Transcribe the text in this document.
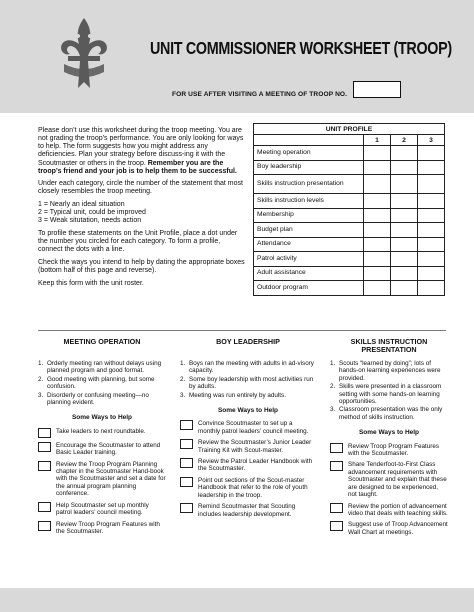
UNIT COMMISSIONER WORKSHEET (TROOP)
FOR USE AFTER VISITING A MEETING OF TROOP NO.

Please don’t use this worksheet during the troop meeting. You are not grading the troop’s performance. You are only looking for ways to help. The form suggests how you might address any deficiencies. Plan your strategy before discuss-ing it with the Scoutmaster or others in the troop. Remember you are the troop’s friend and your job is to help them to be successful.

Under each category, circle the number of the statement that most closely resembles the troop meeting.

1 = Nearly an ideal situation
2 = Typical unit, could be improved
3 = Weak situtation, needs action

To profile these statements on the Unit Profile, place a dot under the number you circled for each category. To form a profile, connect the dots with a line.

Check the ways you intend to help by dating the appropriate boxes (bottom half of this page and reverse).

Keep this form with the unit roster.

UNIT PROFILE			
	1	2	3
Meeting operation			
Boy leadership			
Skills instruction presentation			
Skills instruction levels			
Membership			
Budget plan			
Attendance			
Patrol activity			
Adult assistance			
Outdoor program			
MEETING OPERATION
1. Orderly meeting ran without delays using planned program and good format.
2. Good meeting with planning, but some confusion.
3. Disorderly or confusing meeting—no planning evident.
Some Ways to Help
Take leaders to next roundtable.
Encourage the Scoutmaster to attend Basic Leader training.
Review the Troop Program Planning chapter in the Scoutmaster Hand-book with the Scoutmaster and set a date for the annual program planning conference.
Help Scoutmaster set up monthly patrol leaders’ council meeting.
Review Troop Program Features with the Scoutmaster.
BOY LEADERSHIP
1. Boys ran the meeting with adults in ad-visory capacity.
2. Some boy leadership with most activities run by adults.
3. Meeting was run entirely by adults.
Some Ways to Help
Convince Scoutmaster to set up a monthly patrol leaders’ council meeting.
Review the Scoutmaster’s Junior Leader Training Kit with Scout-master.
Review the Patrol Leader Handbook with the Scoutmaster.
Point out sections of the Scout-master Handbook that refer to the role of youth leadership in the troop.
Remind Scoutmaster that Scouting includes leadership development.
SKILLS INSTRUCTION PRESENTATION
1. Scouts “learned by doing”; lots of hands-on learning experiences were provided.
2. Skills were presented in a classroom setting with some hands-on learning opportunities.
3. Classroom presentation was the only method of skills instruction.
Some Ways to Help
Review Troop Program Features with the Scoutmaster.
Share Tenderfoot-to-First Class advancement requirements with Scoutmaster and explain that these are designed to be experienced, not taught.
Review the portion of advancement video that deals with teaching skills.
Suggest use of Troop Advancement Wall Chart at meetings.
